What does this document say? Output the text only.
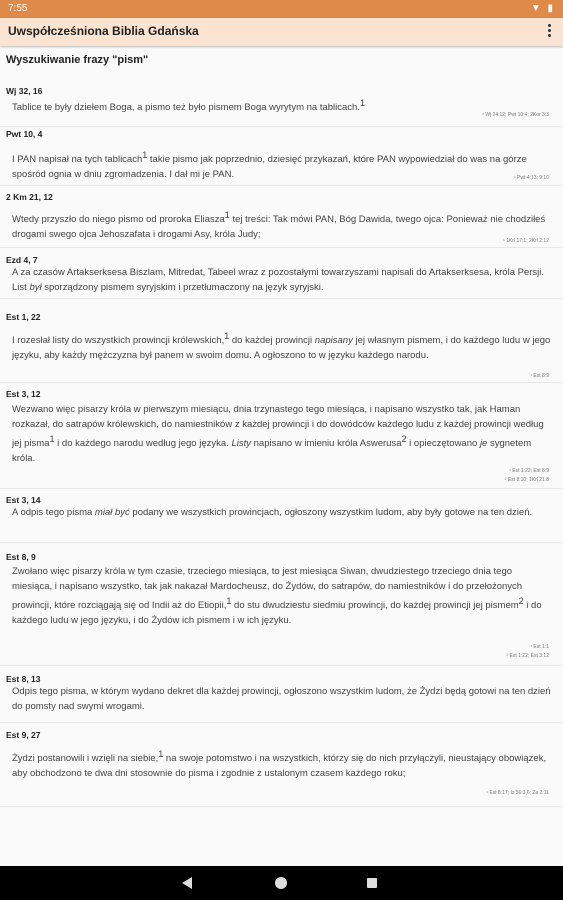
7:55	▼ ▮
Uwspółcześniona Biblia Gdańska
Wyszukiwanie frazy "pism"
Wj 32, 16
Tablice te były dziełem Boga, a pismo też było pismem Boga wyrytym na tablicach.$^1$
¹ Wj 24:12; Pwt 10:4; 2Kor 3:3
Pwt 10, 4
I PAN napisał na tych tablicach$^1$ takie pismo jak poprzednio, dziesięć przykazań, które PAN wypowiedział do was na górze spośród ognia w dniu zgromadzenia. I dał mi je PAN.	¹ Pwt 4:13; 9:10
2 Km 21, 12
Wtedy przyszło do niego pismo od proroka Eliasza$^1$ tej treści: Tak mówi PAN, Bóg Dawida, twego ojca: Ponieważ nie chodziłeś drogami swego ojca Jehoszafata i drogami Asy, króla Judy;
¹ 1Krl 17:1; 2Krl 2:12
Ezd 4, 7
A za czasów Artakserksesa Biszlam, Mitredat, Tabeel wraz z pozostałymi towarzyszami napisali do Artakserksesa, króla Persji. List był sporządzony pismem syryjskim i przetłumaczony na język syryjski.
Est 1, 22
I rozesłał listy do wszystkich prowincji królewskich,$^1$ do każdej prowincji napisany jej własnym pismem, i do każdego ludu w jego języku, aby każdy mężczyzna był panem w swoim domu. A ogłoszono to w języku każdego narodu.
¹ Est 8:9
Est 3, 12
Wezwano więc pisarzy króla w pierwszym miesiącu, dnia trzynastego tego miesiąca, i napisano wszystko tak, jak Haman rozkazał, do satrapów królewskich, do namiestników z każdej prowincji i do dowódców każdego ludu z każdej prowincji według jej pisma$^1$ i do każdego narodu według jego języka. Listy napisano w imieniu króla Aswerusa$^2$ i opieczętowano je sygnetem króla.
¹ Est 1:22; Est 8:9
² Est 8:10; 1Krl 21:8
Est 3, 14
A odpis tego pisma miał być podany we wszystkich prowincjach, ogłoszony wszystkim ludom, aby były gotowe na ten dzień.
Est 8, 9
Zwołano więc pisarzy króla w tym czasie, trzeciego miesiąca, to jest miesiąca Siwan, dwudziestego trzeciego dnia tego miesiąca, i napisano wszystko, tak jak nakazał Mardocheusz, do Żydów, do satrapów, do namiestników i do przełożonych prowincji, które rozciągają się od Indii aż do Etiopii,$^1$ do stu dwudziestu siedmiu prowincji, do każdej prowincji jej pismem$^2$ i do każdego ludu w jego języku, i do Żydów ich pismem i w ich języku.
¹ Est 1:1
² Est 1:22; Est 3:12
Est 8, 13
Odpis tego pisma, w którym wydano dekret dla każdej prowincji, ogłoszono wszystkim ludom, że Żydzi będą gotowi na ten dzień do pomsty nad swymi wrogami.
Est 9, 27
Żydzi postanowili i wzięli na siebie,$^1$ na swoje potomstwo i na wszystkich, którzy się do nich przyłączyli, nieustający obowiązek, aby obchodzono te dwa dni stosownie do pisma i zgodnie z ustalonym czasem każdego roku;
¹ Est 8:17; Iz 56:3,6; Za 2:11
